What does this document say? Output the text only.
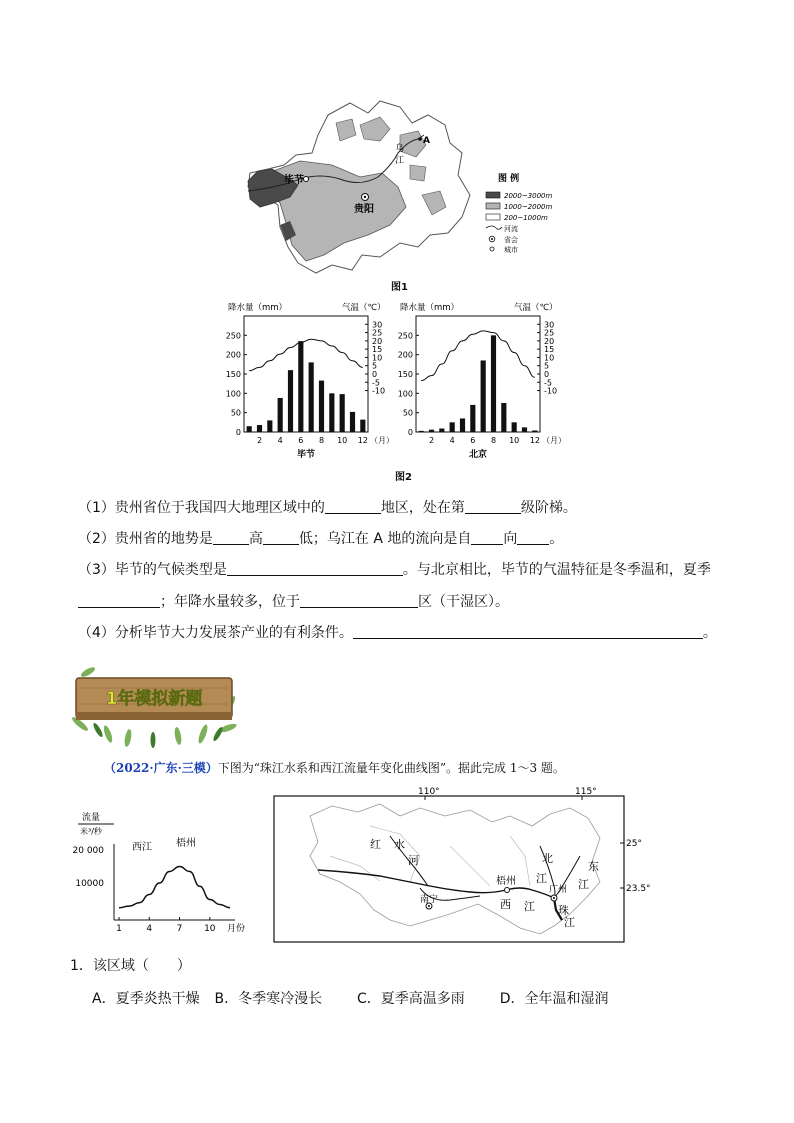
毕节
贵阳
乌
江
A
图 例
2000~3000m
1000~2000m
200~1000m
河流
省会
城市
图1
降水量（mm）	气温（℃）
0
50
100
150
200
250
30
25
20
15
10
5
0
-5
-10
2 4 6 8 10 12 （月）
毕节
降水量（mm）	气温（℃）
0
50
100
150
200
250
30
25
20
15
10
5
0
-5
-10
2 4 6 8 10 12 （月）
北京
图2
（1）贵州省位于我国四大地理区域中的	地区，处在第	级阶梯。
（2）贵州省的地势是	高	低；乌江在 A 地的流向是自 向 。
（3）毕节的气候类型是	。与北京相比，毕节的气温特征是冬季温和，夏季
；年降水量较多，位于	区（干湿区）。
（4）分析毕节大力发展茶产业的有利条件。	。
1年模拟新题
（2022·广东·三模）下图为“珠江水系和西江流量年变化曲线图”。据此完成 1～3 题。
流量
米³/秒
西江 梧州
20 000
10000
1	4	7 10 月份
110°	115°
25°
23.5°
红 水
河
南宁
梧州
西 江
北
江
广州
珠
江
东
江
1．该区域（　　）
A．夏季炎热干燥 B．冬季寒冷漫长 C．夏季高温多雨 D．全年温和湿润
